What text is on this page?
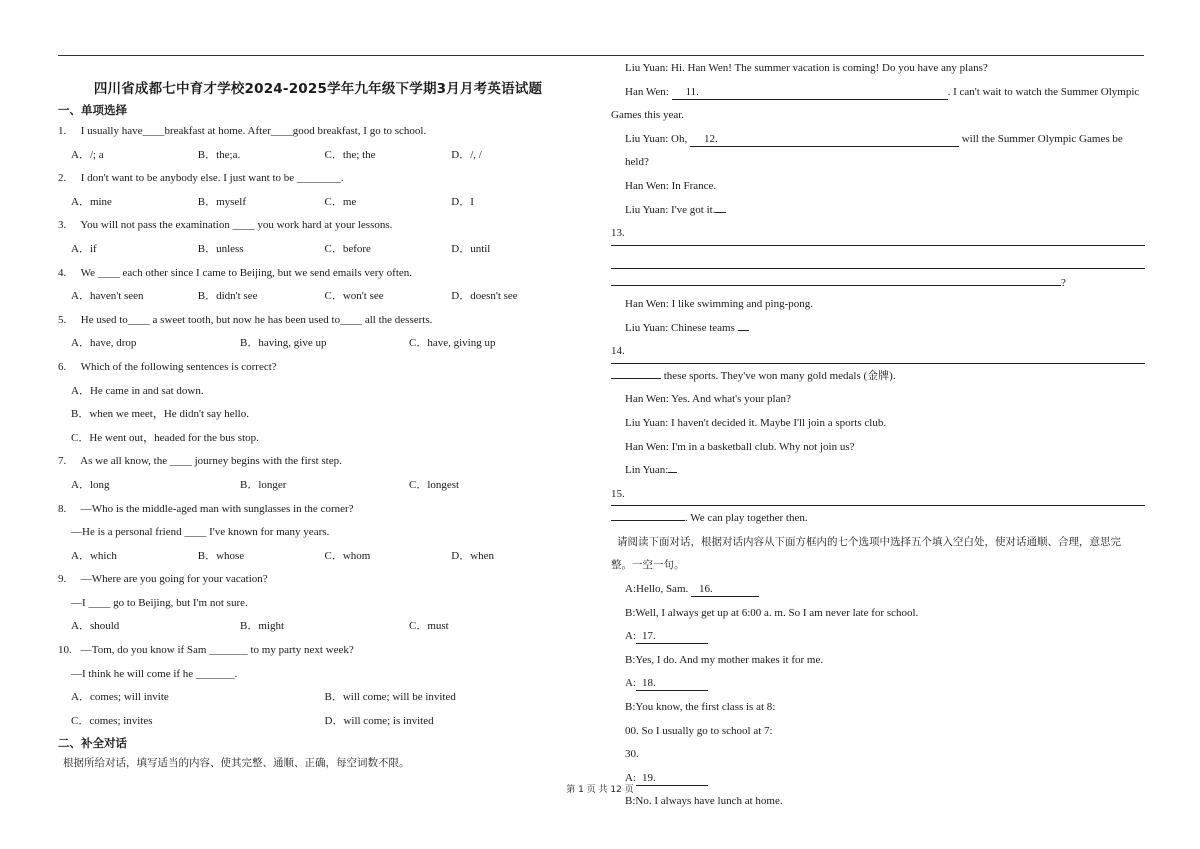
四川省成都七中育才学校2024-2025学年九年级下学期3月月考英语试题
一、单项选择
1. I usually have____breakfast at home. After____good breakfast, I go to school.
A．/; a	B．the;a.	C．the; the	D．/, /
2. I don't want to be anybody else. I just want to be ________.
A．mine	B．myself	C．me	D．I
3. You will not pass the examination ____ you work hard at your lessons.
A．if	B．unless	C．before	D．until
4. We ____ each other since I came to Beijing, but we send emails very often.
A．haven't seen	B．didn't see	C．won't see	D．doesn't see
5. He used to____ a sweet tooth, but now he has been used to____ all the desserts.
A．have, drop	B．having, give up	C．have, giving up
6. Which of the following sentences is correct?
A．He came in and sat down.
B．when we meet，He didn't say hello.
C．He went out，headed for the bus stop.
7. As we all know, the ____ journey begins with the first step.
A．long	B．longer	C．longest
8. —Who is the middle-aged man with sunglasses in the corner?
—He is a personal friend ____ I've known for many years.
A．which	B．whose	C．whom	D．when
9. —Where are you going for your vacation?
—I ____ go to Beijing, but I'm not sure.
A．should	B．might	C．must
10. —Tom, do you know if Sam _______ to my party next week?
—I think he will come if he _______.
A．comes; will invite	B．will come; will be invited
C．comes; invites	D．will come; is invited
二、补全对话
根据所给对话，填写适当的内容、使其完整、通顺、正确，每空词数不限。
Liu Yuan: Hi. Han Wen! The summer vacation is coming! Do you have any plans?
Han Wen: 11.	. I can't wait to watch the Summer Olympic
Games this year.
Liu Yuan: Oh, 12.	will the Summer Olympic Games be held?
Han Wen: In France.
Liu Yuan: I've got it.
13.
?
Han Wen: I like swimming and ping-pong.
Liu Yuan: Chinese teams
14.
these sports. They've won many gold medals (金牌).
Han Wen: Yes. And what's your plan?
Liu Yuan: I haven't decided it. Maybe I'll join a sports club.
Han Wen: I'm in a basketball club. Why not join us?
Lin Yuan:
15.
. We can play together then.
请阅读下面对话，根据对话内容从下面方框内的七个选项中选择五个填入空白处，使对话通顺、合理，意思完
整。一空一句。
A:Hello, Sam. 16.
B:Well, I always get up at 6:00 a. m. So I am never late for school.
A: 17.
B:Yes, I do. And my mother makes it for me.
A: 18.
B:You know, the first class is at 8:
00. So I usually go to school at 7:
30.
A: 19.
B:No. I always have lunch at home.
第 1 页 共 12 页
